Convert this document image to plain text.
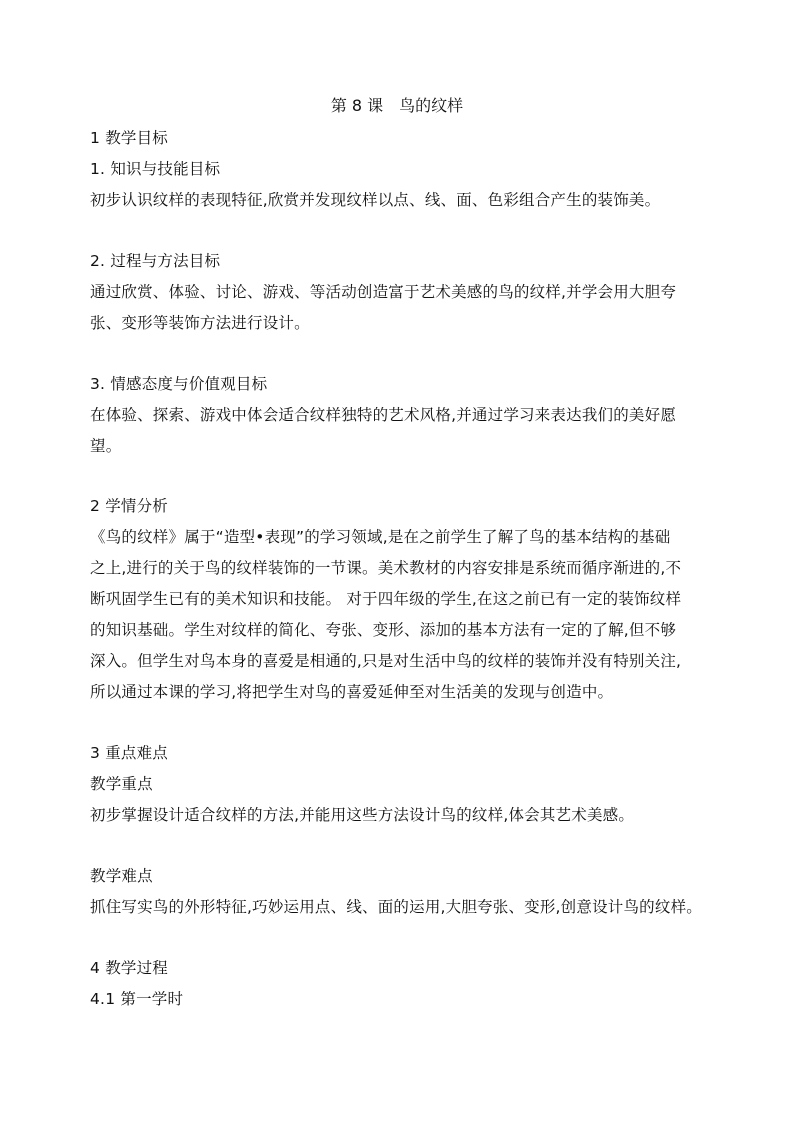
第 8 课　鸟的纹样
1 教学目标
1. 知识与技能目标
初步认识纹样的表现特征,欣赏并发现纹样以点、线、面、色彩组合产生的装饰美。
2. 过程与方法目标
通过欣赏、体验、讨论、游戏、等活动创造富于艺术美感的鸟的纹样,并学会用大胆夸
张、变形等装饰方法进行设计。
3. 情感态度与价值观目标
在体验、探索、游戏中体会适合纹样独特的艺术风格,并通过学习来表达我们的美好愿
望。
2 学情分析
《鸟的纹样》属于“造型•表现”的学习领域,是在之前学生了解了鸟的基本结构的基础
之上,进行的关于鸟的纹样装饰的一节课。美术教材的内容安排是系统而循序渐进的,不
断巩固学生已有的美术知识和技能。 对于四年级的学生,在这之前已有一定的装饰纹样
的知识基础。学生对纹样的简化、夸张、变形、添加的基本方法有一定的了解,但不够
深入。但学生对鸟本身的喜爱是相通的,只是对生活中鸟的纹样的装饰并没有特别关注,
所以通过本课的学习,将把学生对鸟的喜爱延伸至对生活美的发现与创造中。
3 重点难点
教学重点
初步掌握设计适合纹样的方法,并能用这些方法设计鸟的纹样,体会其艺术美感。
教学难点
抓住写实鸟的外形特征,巧妙运用点、线、面的运用,大胆夸张、变形,创意设计鸟的纹样。
4 教学过程
4.1 第一学时
